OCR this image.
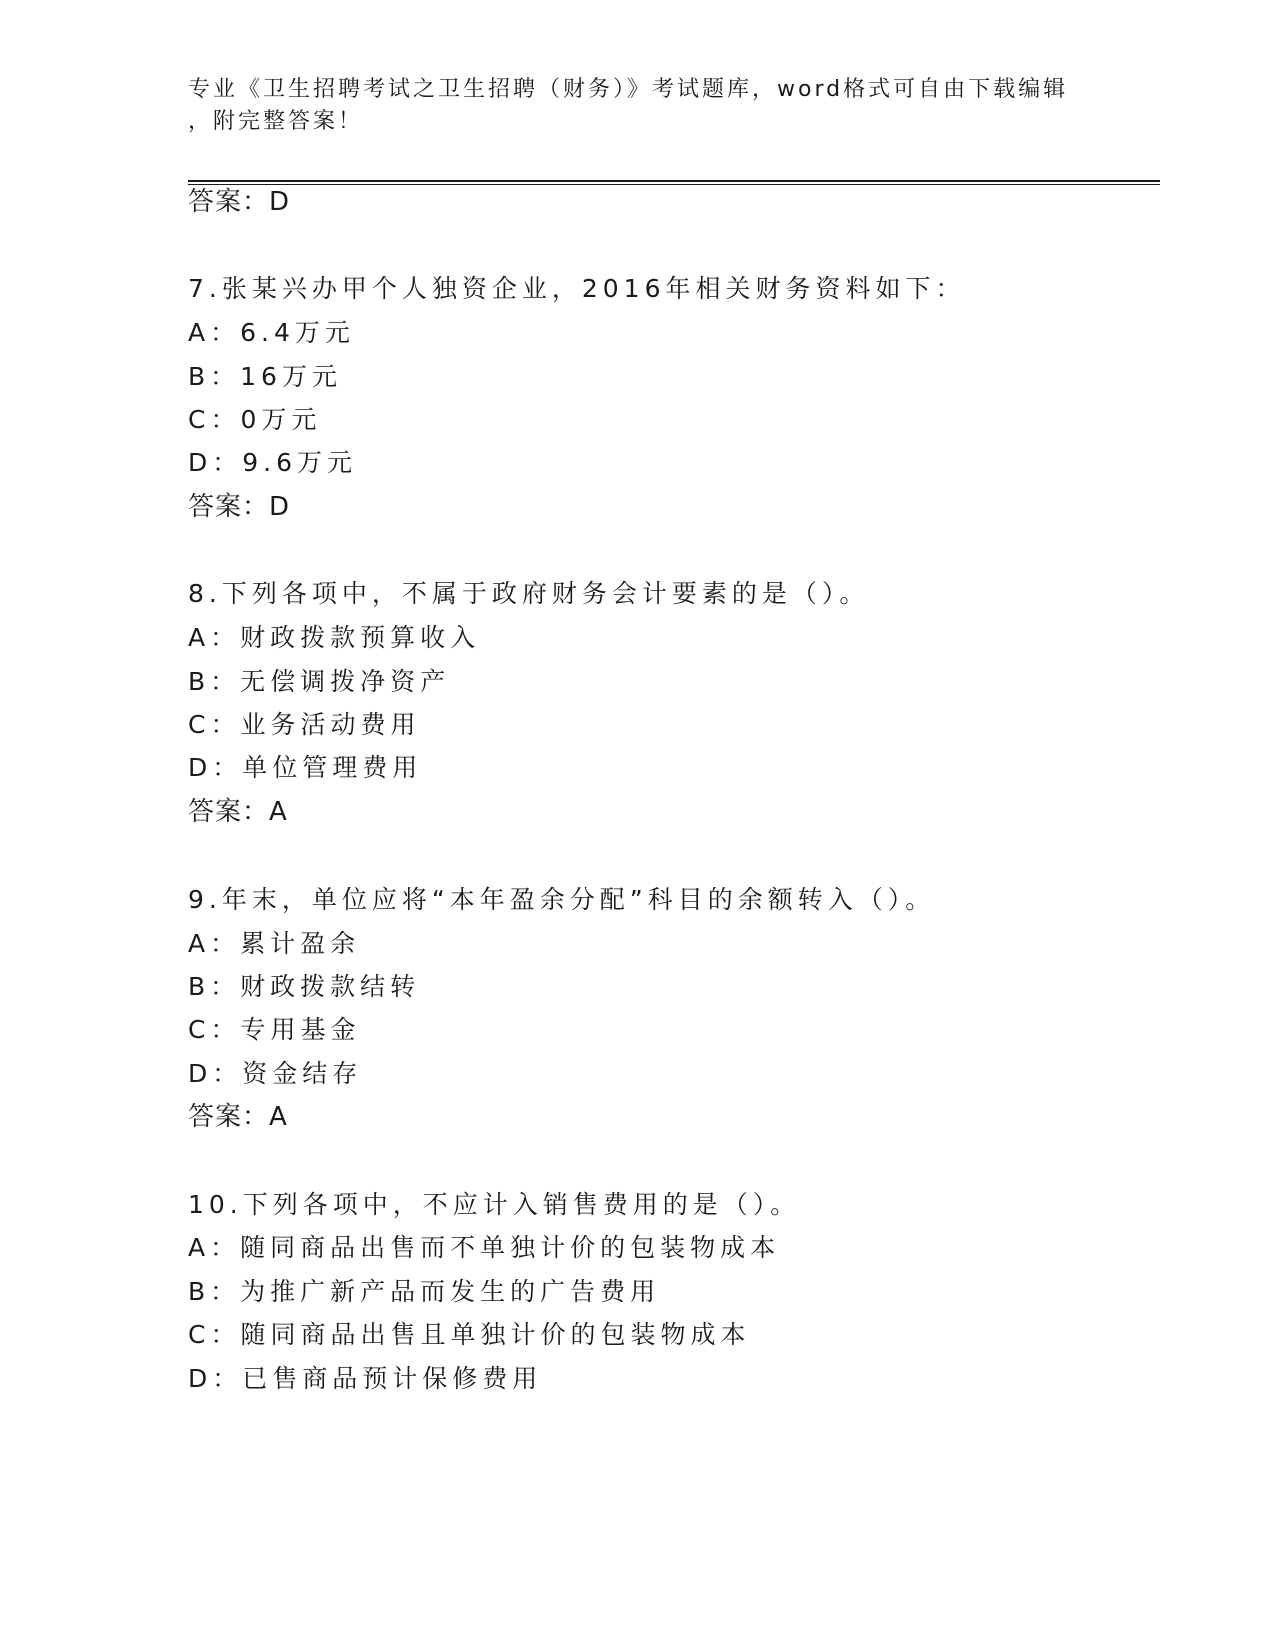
专业《卫生招聘考试之卫生招聘（财务）》考试题库，word格式可自由下载编辑
，附完整答案！
答案：D
7.张某兴办甲个人独资企业，2016年相关财务资料如下：
A：6.4万元
B：16万元
C：0万元
D：9.6万元
答案：D
8.下列各项中，不属于政府财务会计要素的是（）。
A：财政拨款预算收入
B：无偿调拨净资产
C：业务活动费用
D：单位管理费用
答案：A
9.年末，单位应将“本年盈余分配”科目的余额转入（）。
A：累计盈余
B：财政拨款结转
C：专用基金
D：资金结存
答案：A
10.下列各项中，不应计入销售费用的是（）。
A：随同商品出售而不单独计价的包装物成本
B：为推广新产品而发生的广告费用
C：随同商品出售且单独计价的包装物成本
D：已售商品预计保修费用
